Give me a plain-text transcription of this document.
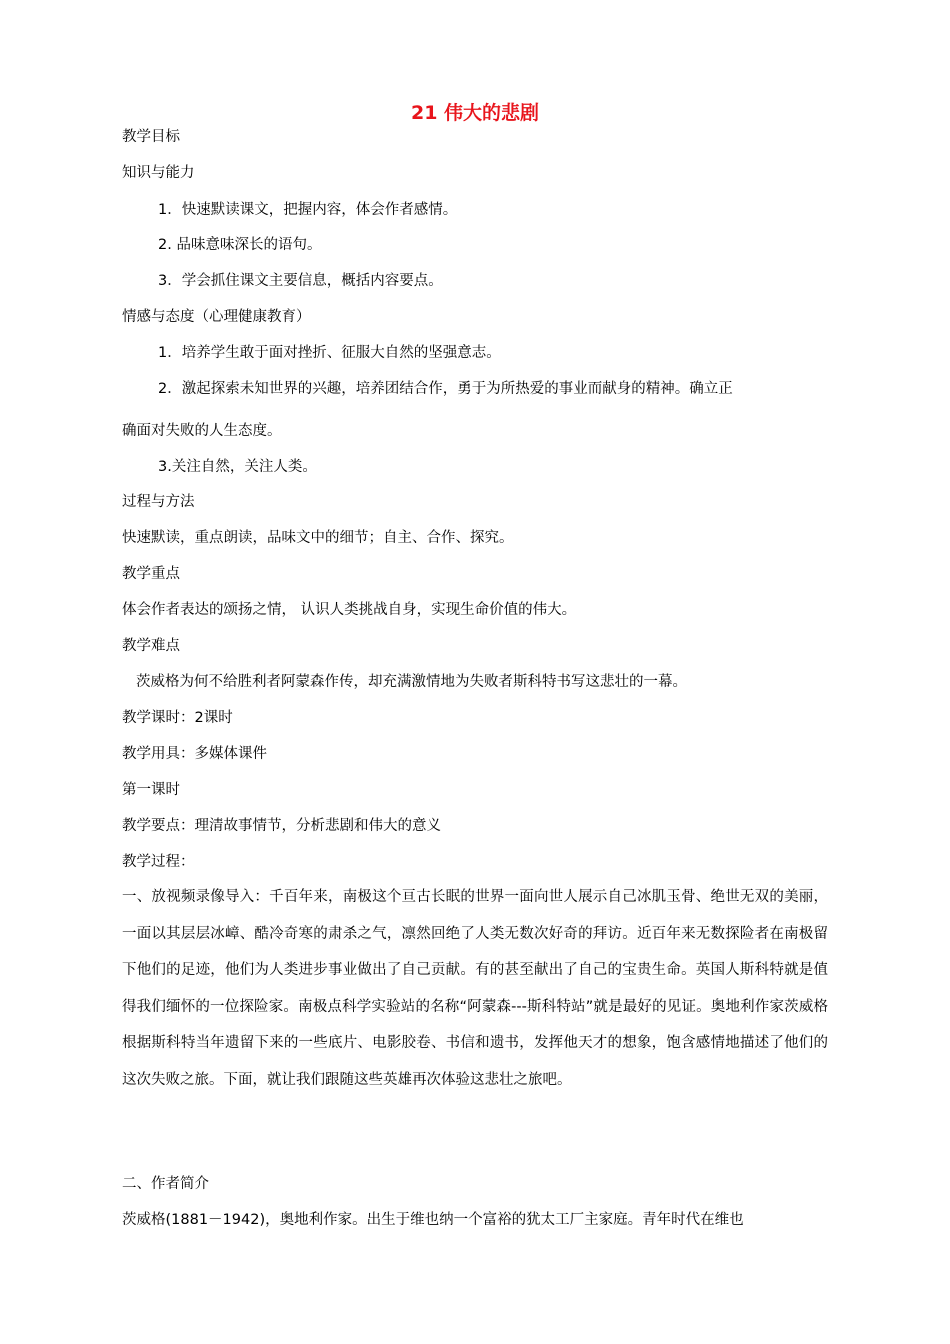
21 伟大的悲剧
教学目标
知识与能力
1．快速默读课文，把握内容，体会作者感情。
2. 品味意味深长的语句。
3．学会抓住课文主要信息，概括内容要点。
情感与态度（心理健康教育）
1．培养学生敢于面对挫折、征服大自然的坚强意志。
2．激起探索未知世界的兴趣，培养团结合作，勇于为所热爱的事业而献身的精神。确立正
确面对失败的人生态度。
3.关注自然，关注人类。
过程与方法
快速默读，重点朗读，品味文中的细节；自主、合作、探究。
教学重点
体会作者表达的颂扬之情， 认识人类挑战自身，实现生命价值的伟大。
教学难点
茨威格为何不给胜利者阿蒙森作传，却充满激情地为失败者斯科特书写这悲壮的一幕。
教学课时：2课时
教学用具：多媒体课件
第一课时
教学要点：理清故事情节，分析悲剧和伟大的意义
教学过程：
一、放视频录像导入：千百年来，南极这个亘古长眠的世界一面向世人展示自己冰肌玉骨、绝世无双的美丽，一面以其层层冰嶂、酷冷奇寒的肃杀之气，凛然回绝了人类无数次好奇的拜访。近百年来无数探险者在南极留下他们的足迹，他们为人类进步事业做出了自己贡献。有的甚至献出了自己的宝贵生命。英国人斯科特就是值得我们缅怀的一位探险家。南极点科学实验站的名称“阿蒙森---斯科特站”就是最好的见证。奥地利作家茨威格根据斯科特当年遗留下来的一些底片、电影胶卷、书信和遗书，发挥他天才的想象，饱含感情地描述了他们的这次失败之旅。下面，就让我们跟随这些英雄再次体验这悲壮之旅吧。
二、作者简介
茨威格(1881－1942)，奥地利作家。出生于维也纳一个富裕的犹太工厂主家庭。青年时代在维也
